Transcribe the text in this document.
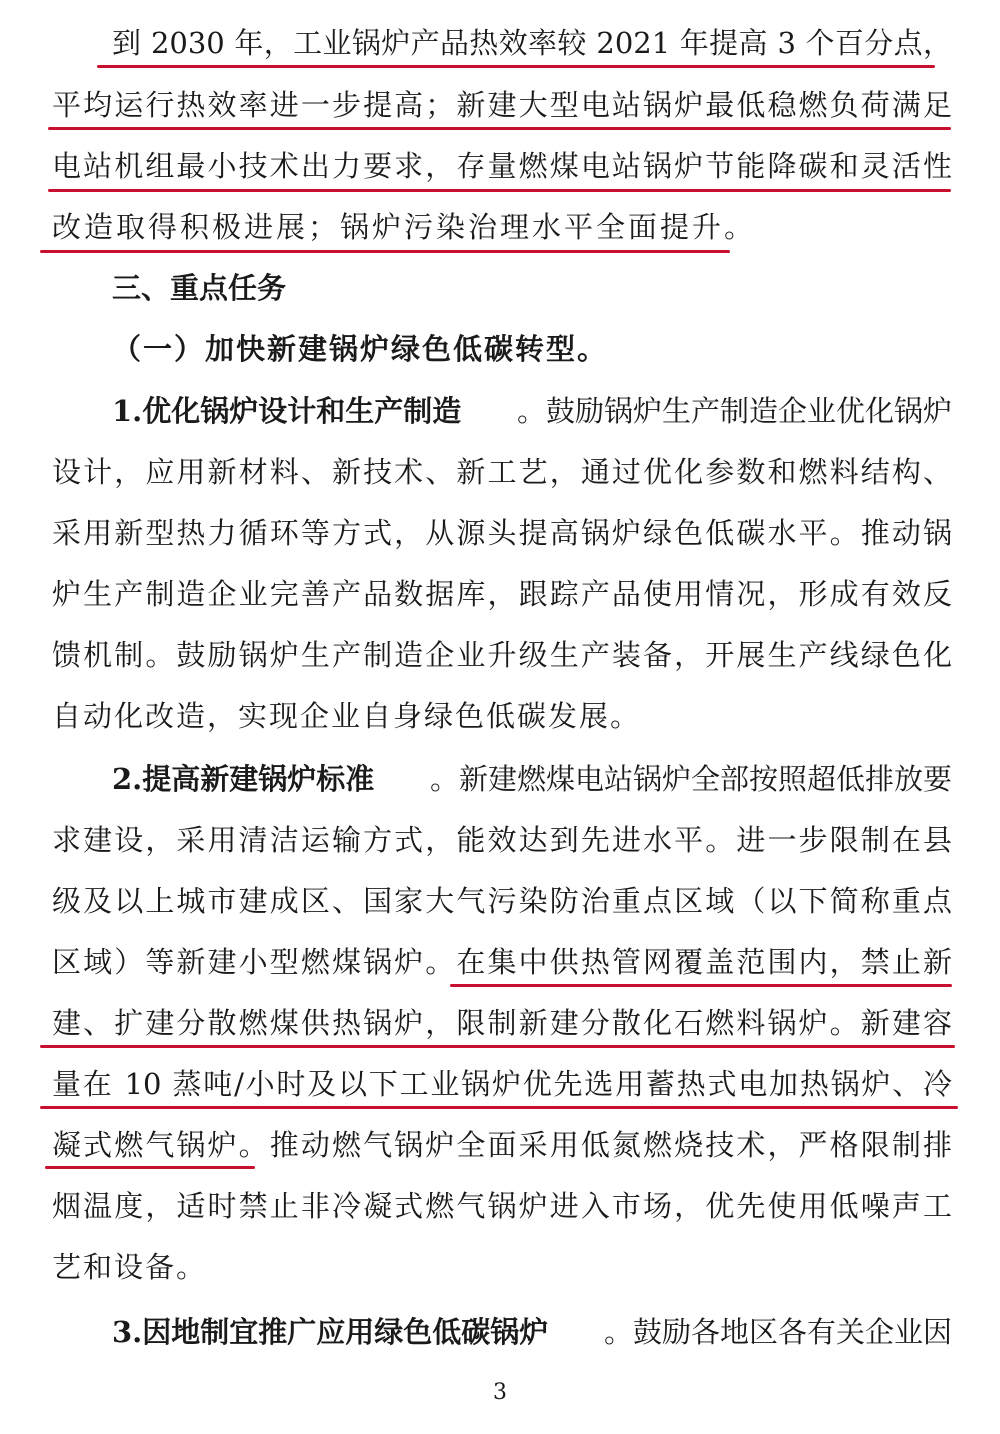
到 2030 年，工业锅炉产品热效率较 2021 年提高 3 个百分点，
平均运行热效率进一步提高；新建大型电站锅炉最低稳燃负荷满足
电站机组最小技术出力要求，存量燃煤电站锅炉节能降碳和灵活性
改造取得积极进展；锅炉污染治理水平全面提升。
三、重点任务
（一）加快新建锅炉绿色低碳转型。
1.优化锅炉设计和生产制造 。鼓励锅炉生产制造企业优化锅炉
设计，应用新材料、新技术、新工艺，通过优化参数和燃料结构、
采用新型热力循环等方式，从源头提高锅炉绿色低碳水平。推动锅
炉生产制造企业完善产品数据库，跟踪产品使用情况，形成有效反
馈机制。鼓励锅炉生产制造企业升级生产装备，开展生产线绿色化
自动化改造，实现企业自身绿色低碳发展。
2.提高新建锅炉标准 。新建燃煤电站锅炉全部按照超低排放要
求建设，采用清洁运输方式，能效达到先进水平。进一步限制在县
级及以上城市建成区、国家大气污染防治重点区域（以下简称重点
区域）等新建小型燃煤锅炉。在集中供热管网覆盖范围内，禁止新
建、扩建分散燃煤供热锅炉，限制新建分散化石燃料锅炉。新建容
量在 10 蒸吨/小时及以下工业锅炉优先选用蓄热式电加热锅炉、冷
凝式燃气锅炉。推动燃气锅炉全面采用低氮燃烧技术，严格限制排
烟温度，适时禁止非冷凝式燃气锅炉进入市场，优先使用低噪声工
艺和设备。
3.因地制宜推广应用绿色低碳锅炉 。鼓励各地区各有关企业因
3
